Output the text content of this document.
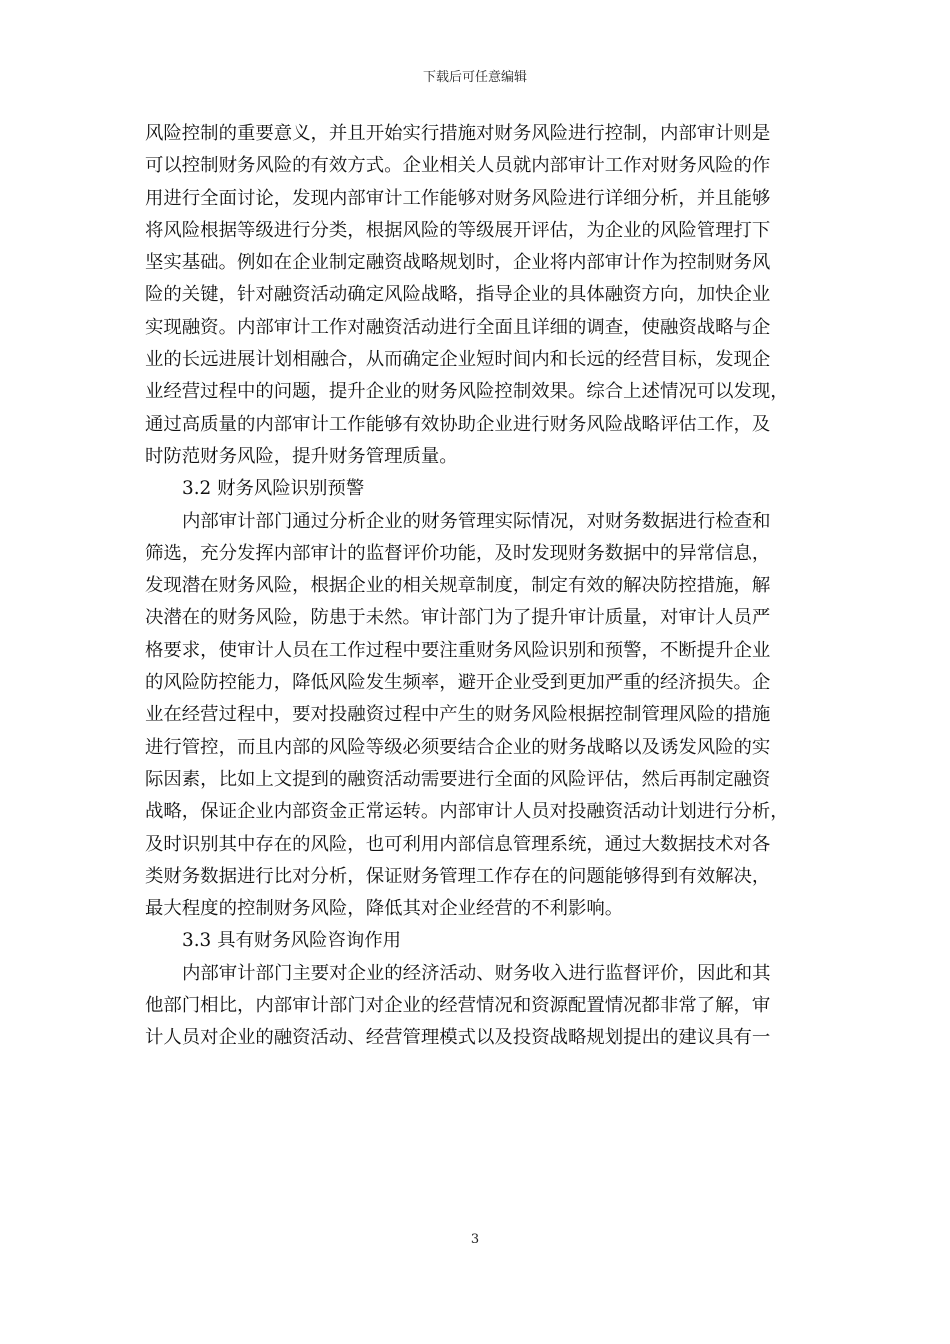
下载后可任意编辑
风险控制的重要意义，并且开始实行措施对财务风险进行控制，内部审计则是
可以控制财务风险的有效方式。企业相关人员就内部审计工作对财务风险的作
用进行全面讨论，发现内部审计工作能够对财务风险进行详细分析，并且能够
将风险根据等级进行分类，根据风险的等级展开评估，为企业的风险管理打下
坚实基础。例如在企业制定融资战略规划时，企业将内部审计作为控制财务风
险的关键，针对融资活动确定风险战略，指导企业的具体融资方向，加快企业
实现融资。内部审计工作对融资活动进行全面且详细的调查，使融资战略与企
业的长远进展计划相融合，从而确定企业短时间内和长远的经营目标，发现企
业经营过程中的问题，提升企业的财务风险控制效果。综合上述情况可以发现，
通过高质量的内部审计工作能够有效协助企业进行财务风险战略评估工作，及
时防范财务风险，提升财务管理质量。
3.2 财务风险识别预警
内部审计部门通过分析企业的财务管理实际情况，对财务数据进行检查和
筛选，充分发挥内部审计的监督评价功能，及时发现财务数据中的异常信息，
发现潜在财务风险，根据企业的相关规章制度，制定有效的解决防控措施，解
决潜在的财务风险，防患于未然。审计部门为了提升审计质量，对审计人员严
格要求，使审计人员在工作过程中要注重财务风险识别和预警，不断提升企业
的风险防控能力，降低风险发生频率，避开企业受到更加严重的经济损失。企
业在经营过程中，要对投融资过程中产生的财务风险根据控制管理风险的措施
进行管控，而且内部的风险等级必须要结合企业的财务战略以及诱发风险的实
际因素，比如上文提到的融资活动需要进行全面的风险评估，然后再制定融资
战略，保证企业内部资金正常运转。内部审计人员对投融资活动计划进行分析，
及时识别其中存在的风险，也可利用内部信息管理系统，通过大数据技术对各
类财务数据进行比对分析，保证财务管理工作存在的问题能够得到有效解决，
最大程度的控制财务风险，降低其对企业经营的不利影响。
3.3 具有财务风险咨询作用
内部审计部门主要对企业的经济活动、财务收入进行监督评价，因此和其
他部门相比，内部审计部门对企业的经营情况和资源配置情况都非常了解，审
计人员对企业的融资活动、经营管理模式以及投资战略规划提出的建议具有一
3
